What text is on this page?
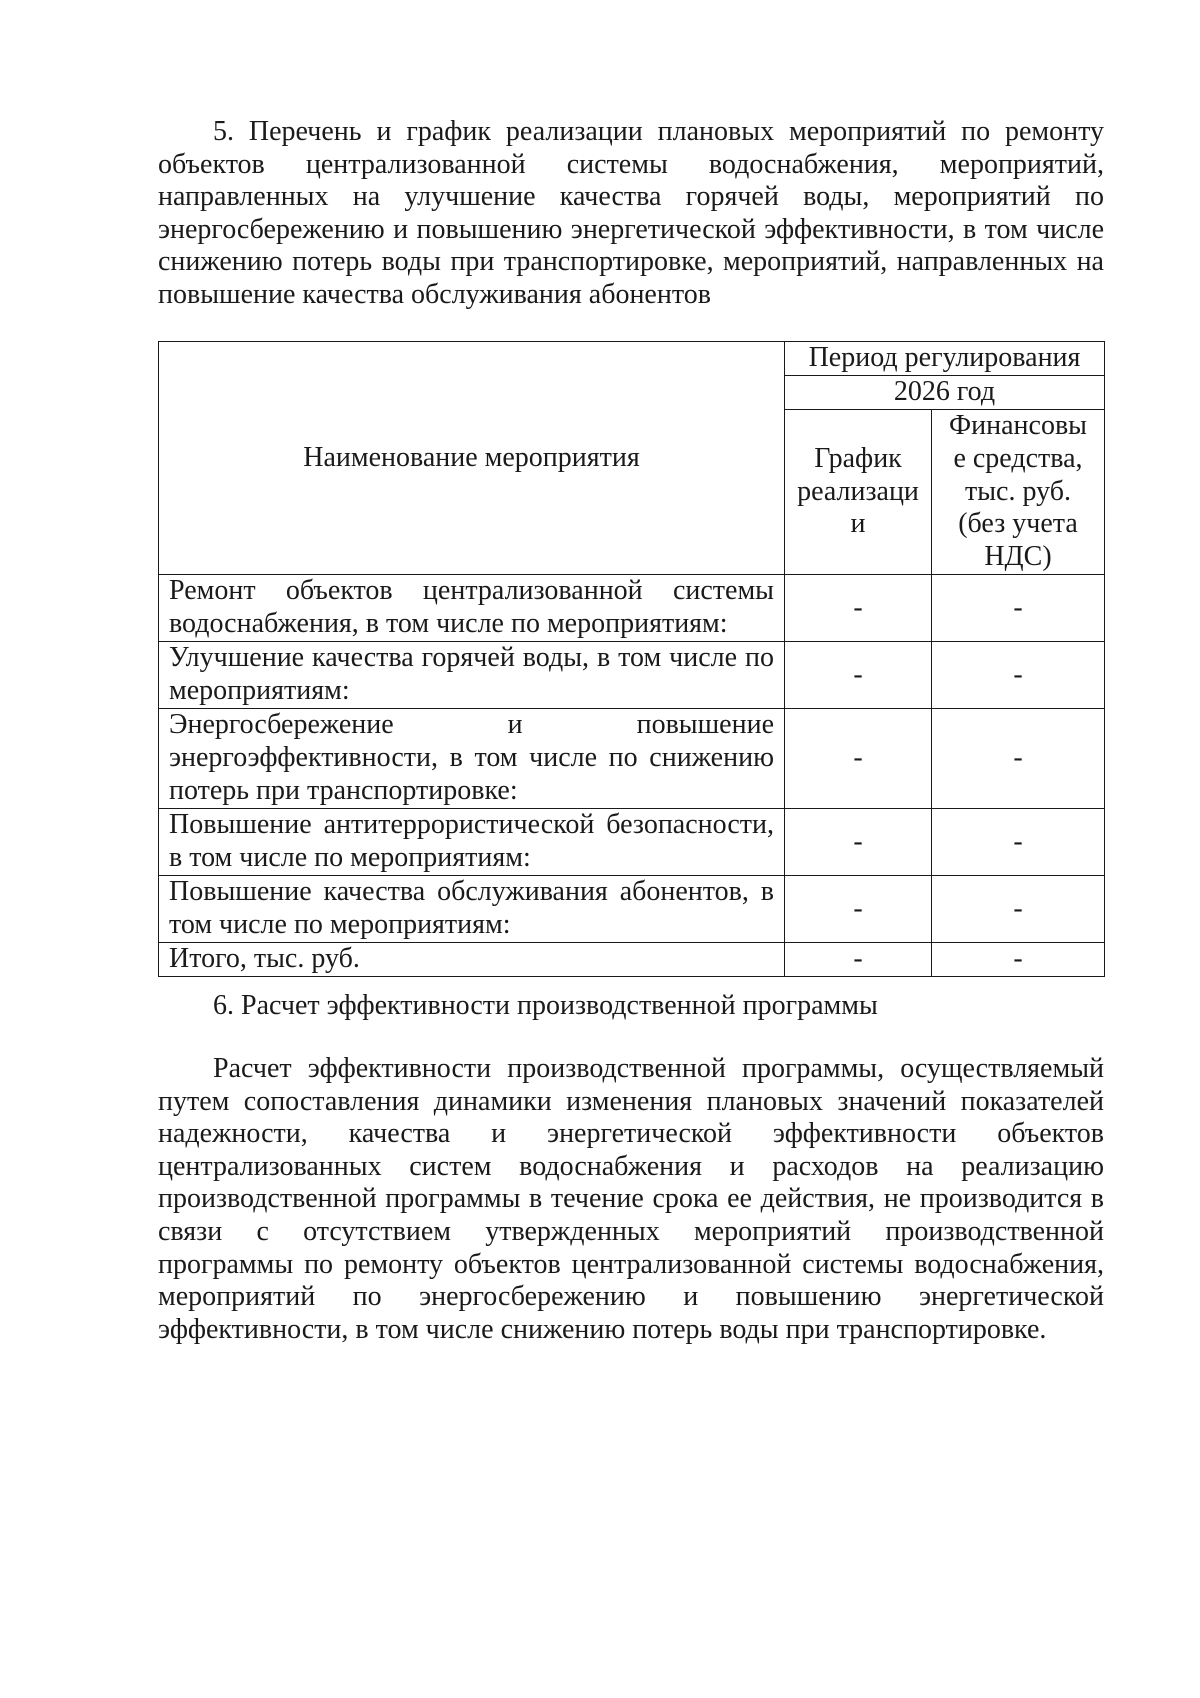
5. Перечень и график реализации плановых мероприятий по ремонту объектов централизованной системы водоснабжения, мероприятий, направленных на улучшение качества горячей воды, мероприятий по энергосбережению и повышению энергетической эффективности, в том числе снижению потерь воды при транспортировке, мероприятий, направленных на повышение качества обслуживания абонентов

Наименование мероприятия	Период регулирования	
	2026 год	
	График реализаци и	Финансовы е средства, тыс. руб. (без учета НДС)
Ремонт объектов централизованной системы водоснабжения, в том числе по мероприятиям:	-	-
Улучшение качества горячей воды, в том числе по мероприятиям:	-	-
Энергосбережение и повышение энергоэффективности, в том числе по снижению потерь при транспортировке:	-	-
Повышение антитеррористической безопасности, в том числе по мероприятиям:	-	-
Повышение качества обслуживания абонентов, в том числе по мероприятиям:	-	-
Итого, тыс. руб.	-	-

6. Расчет эффективности производственной программы

Расчет эффективности производственной программы, осуществляемый путем сопоставления динамики изменения плановых значений показателей надежности, качества и энергетической эффективности объектов централизованных систем водоснабжения и расходов на реализацию производственной программы в течение срока ее действия, не производится в связи с отсутствием утвержденных мероприятий производственной программы по ремонту объектов централизованной системы водоснабжения, мероприятий по энергосбережению и повышению энергетической эффективности, в том числе снижению потерь воды при транспортировке.
